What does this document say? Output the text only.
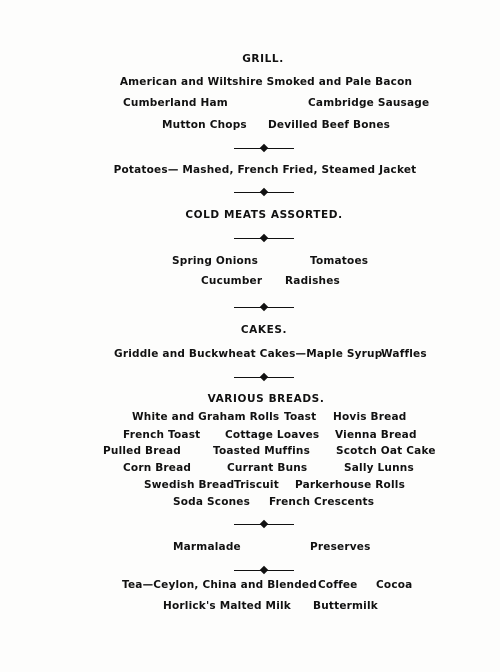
GRILL.
American and Wiltshire Smoked and Pale Bacon
Cumberland Ham	Cambridge Sausage
Mutton Chops Devilled Beef Bones
Potatoes— Mashed, French Fried, Steamed Jacket
COLD MEATS ASSORTED.
Spring Onions	Tomatoes
Cucumber Radishes
CAKES.
Griddle and Buckwheat Cakes—Maple Syrup
Waffles
VARIOUS BREADS.
White and Graham Rolls Toast Hovis Bread
French Toast Cottage Loaves Vienna Bread
Pulled Bread	Toasted Muffins Scotch Oat Cake
Corn Bread	Currant Buns	Sally Lunns
Swedish Bread Triscuit Parkerhouse Rolls
Soda Scones French Crescents
Marmalade	Preserves
Tea—Ceylon, China and Blended Coffee Cocoa
Horlick's Malted Milk Buttermilk
